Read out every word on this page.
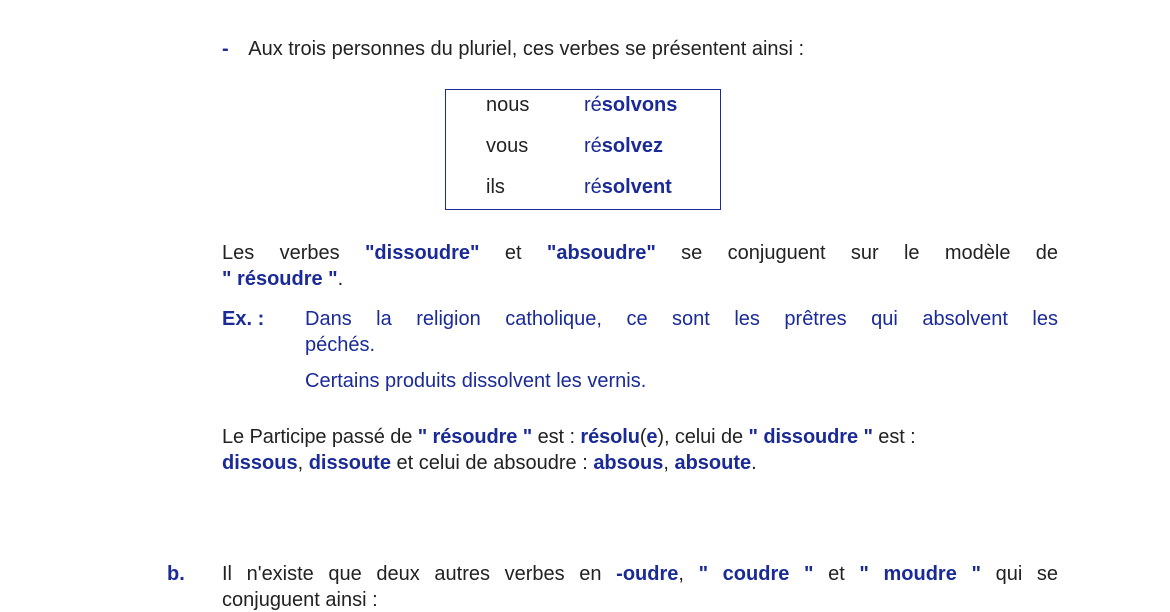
- Aux trois personnes du pluriel, ces verbes se présentent ainsi :
nous	résolvons
vous	résolvez
ils	résolvent
Les verbes "dissoudre" et "absoudre" se conjuguent sur le modèle de
" résoudre ".
Ex. : Dans la religion catholique, ce sont les prêtres qui absolvent les
péchés.
Certains produits dissolvent les vernis.
Le Participe passé de " résoudre " est : résolu(e), celui de " dissoudre " est :
dissous, dissoute et celui de absoudre : absous, absoute.
b. Il n'existe que deux autres verbes en -oudre, " coudre " et " moudre " qui se
conjuguent ainsi :
